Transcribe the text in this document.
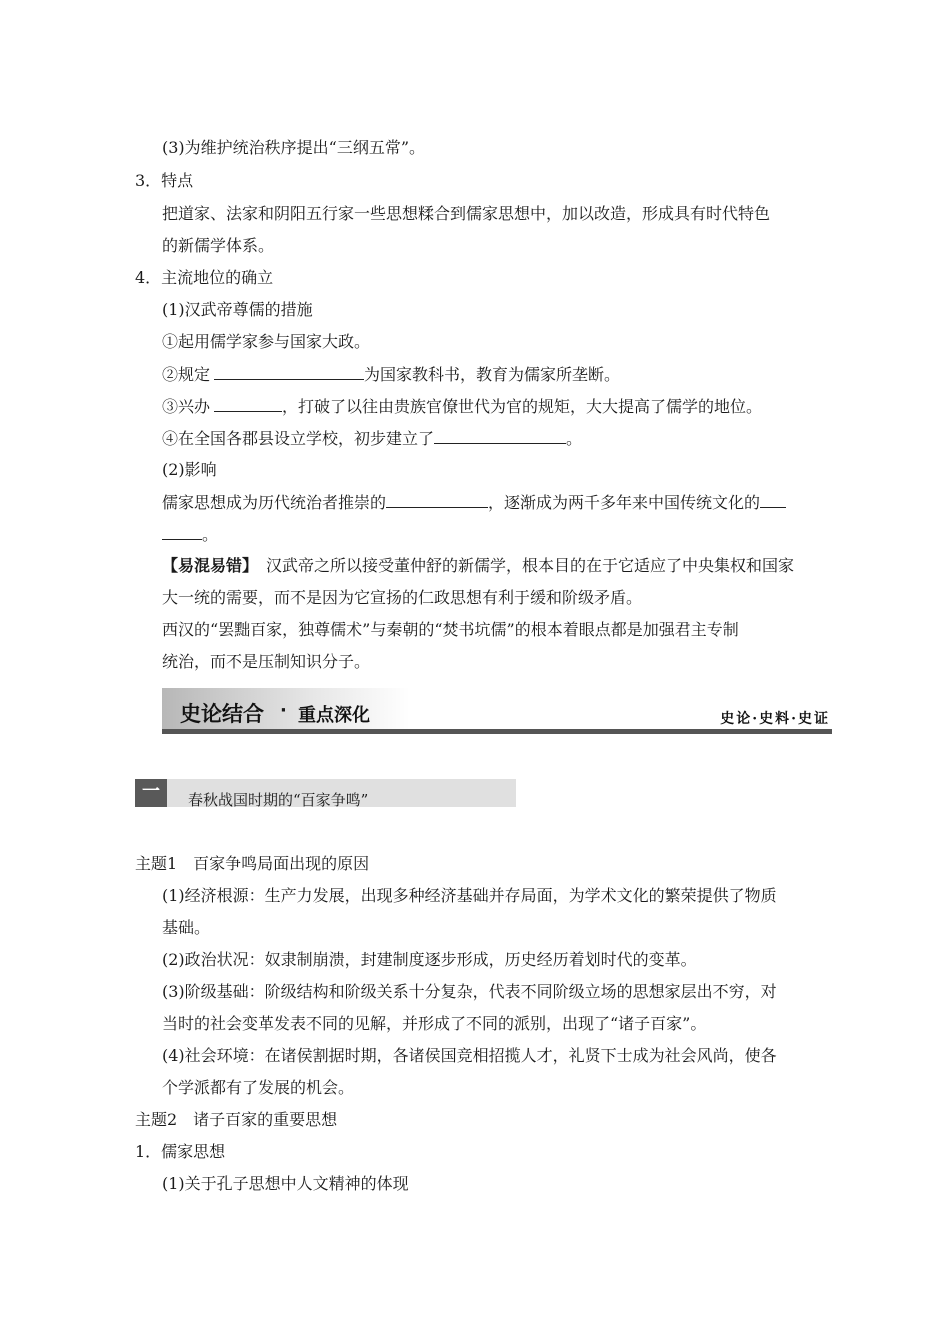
(3)为维护统治秩序提出“三纲五常”。
3．特点
把道家、法家和阴阳五行家一些思想糅合到儒家思想中，加以改造，形成具有时代特色
的新儒学体系。
4．主流地位的确立
(1)汉武帝尊儒的措施
①起用儒学家参与国家大政。
②规定	为国家教科书，教育为儒家所垄断。
③兴办	，打破了以往由贵族官僚世代为官的规矩，大大提高了儒学的地位。
④在全国各郡县设立学校，初步建立了	。
(2)影响
儒家思想成为历代统治者推崇的	，逐渐成为两千多年来中国传统文化的
。
【易混易错】 汉武帝之所以接受董仲舒的新儒学，根本目的在于它适应了中央集权和国家
大一统的需要，而不是因为它宣扬的仁政思想有利于缓和阶级矛盾。
西汉的“罢黜百家，独尊儒术”与秦朝的“焚书坑儒”的根本着眼点都是加强君主专制
统治，而不是压制知识分子。
史论结合 · 重点深化	史论·史料·史证
一	春秋战国时期的“百家争鸣”
主题1　百家争鸣局面出现的原因
(1)经济根源：生产力发展，出现多种经济基础并存局面，为学术文化的繁荣提供了物质
基础。
(2)政治状况：奴隶制崩溃，封建制度逐步形成，历史经历着划时代的变革。
(3)阶级基础：阶级结构和阶级关系十分复杂，代表不同阶级立场的思想家层出不穷，对
当时的社会变革发表不同的见解，并形成了不同的派别，出现了“诸子百家”。
(4)社会环境：在诸侯割据时期，各诸侯国竞相招揽人才，礼贤下士成为社会风尚，使各
个学派都有了发展的机会。
主题2　诸子百家的重要思想
1．儒家思想
(1)关于孔子思想中人文精神的体现
